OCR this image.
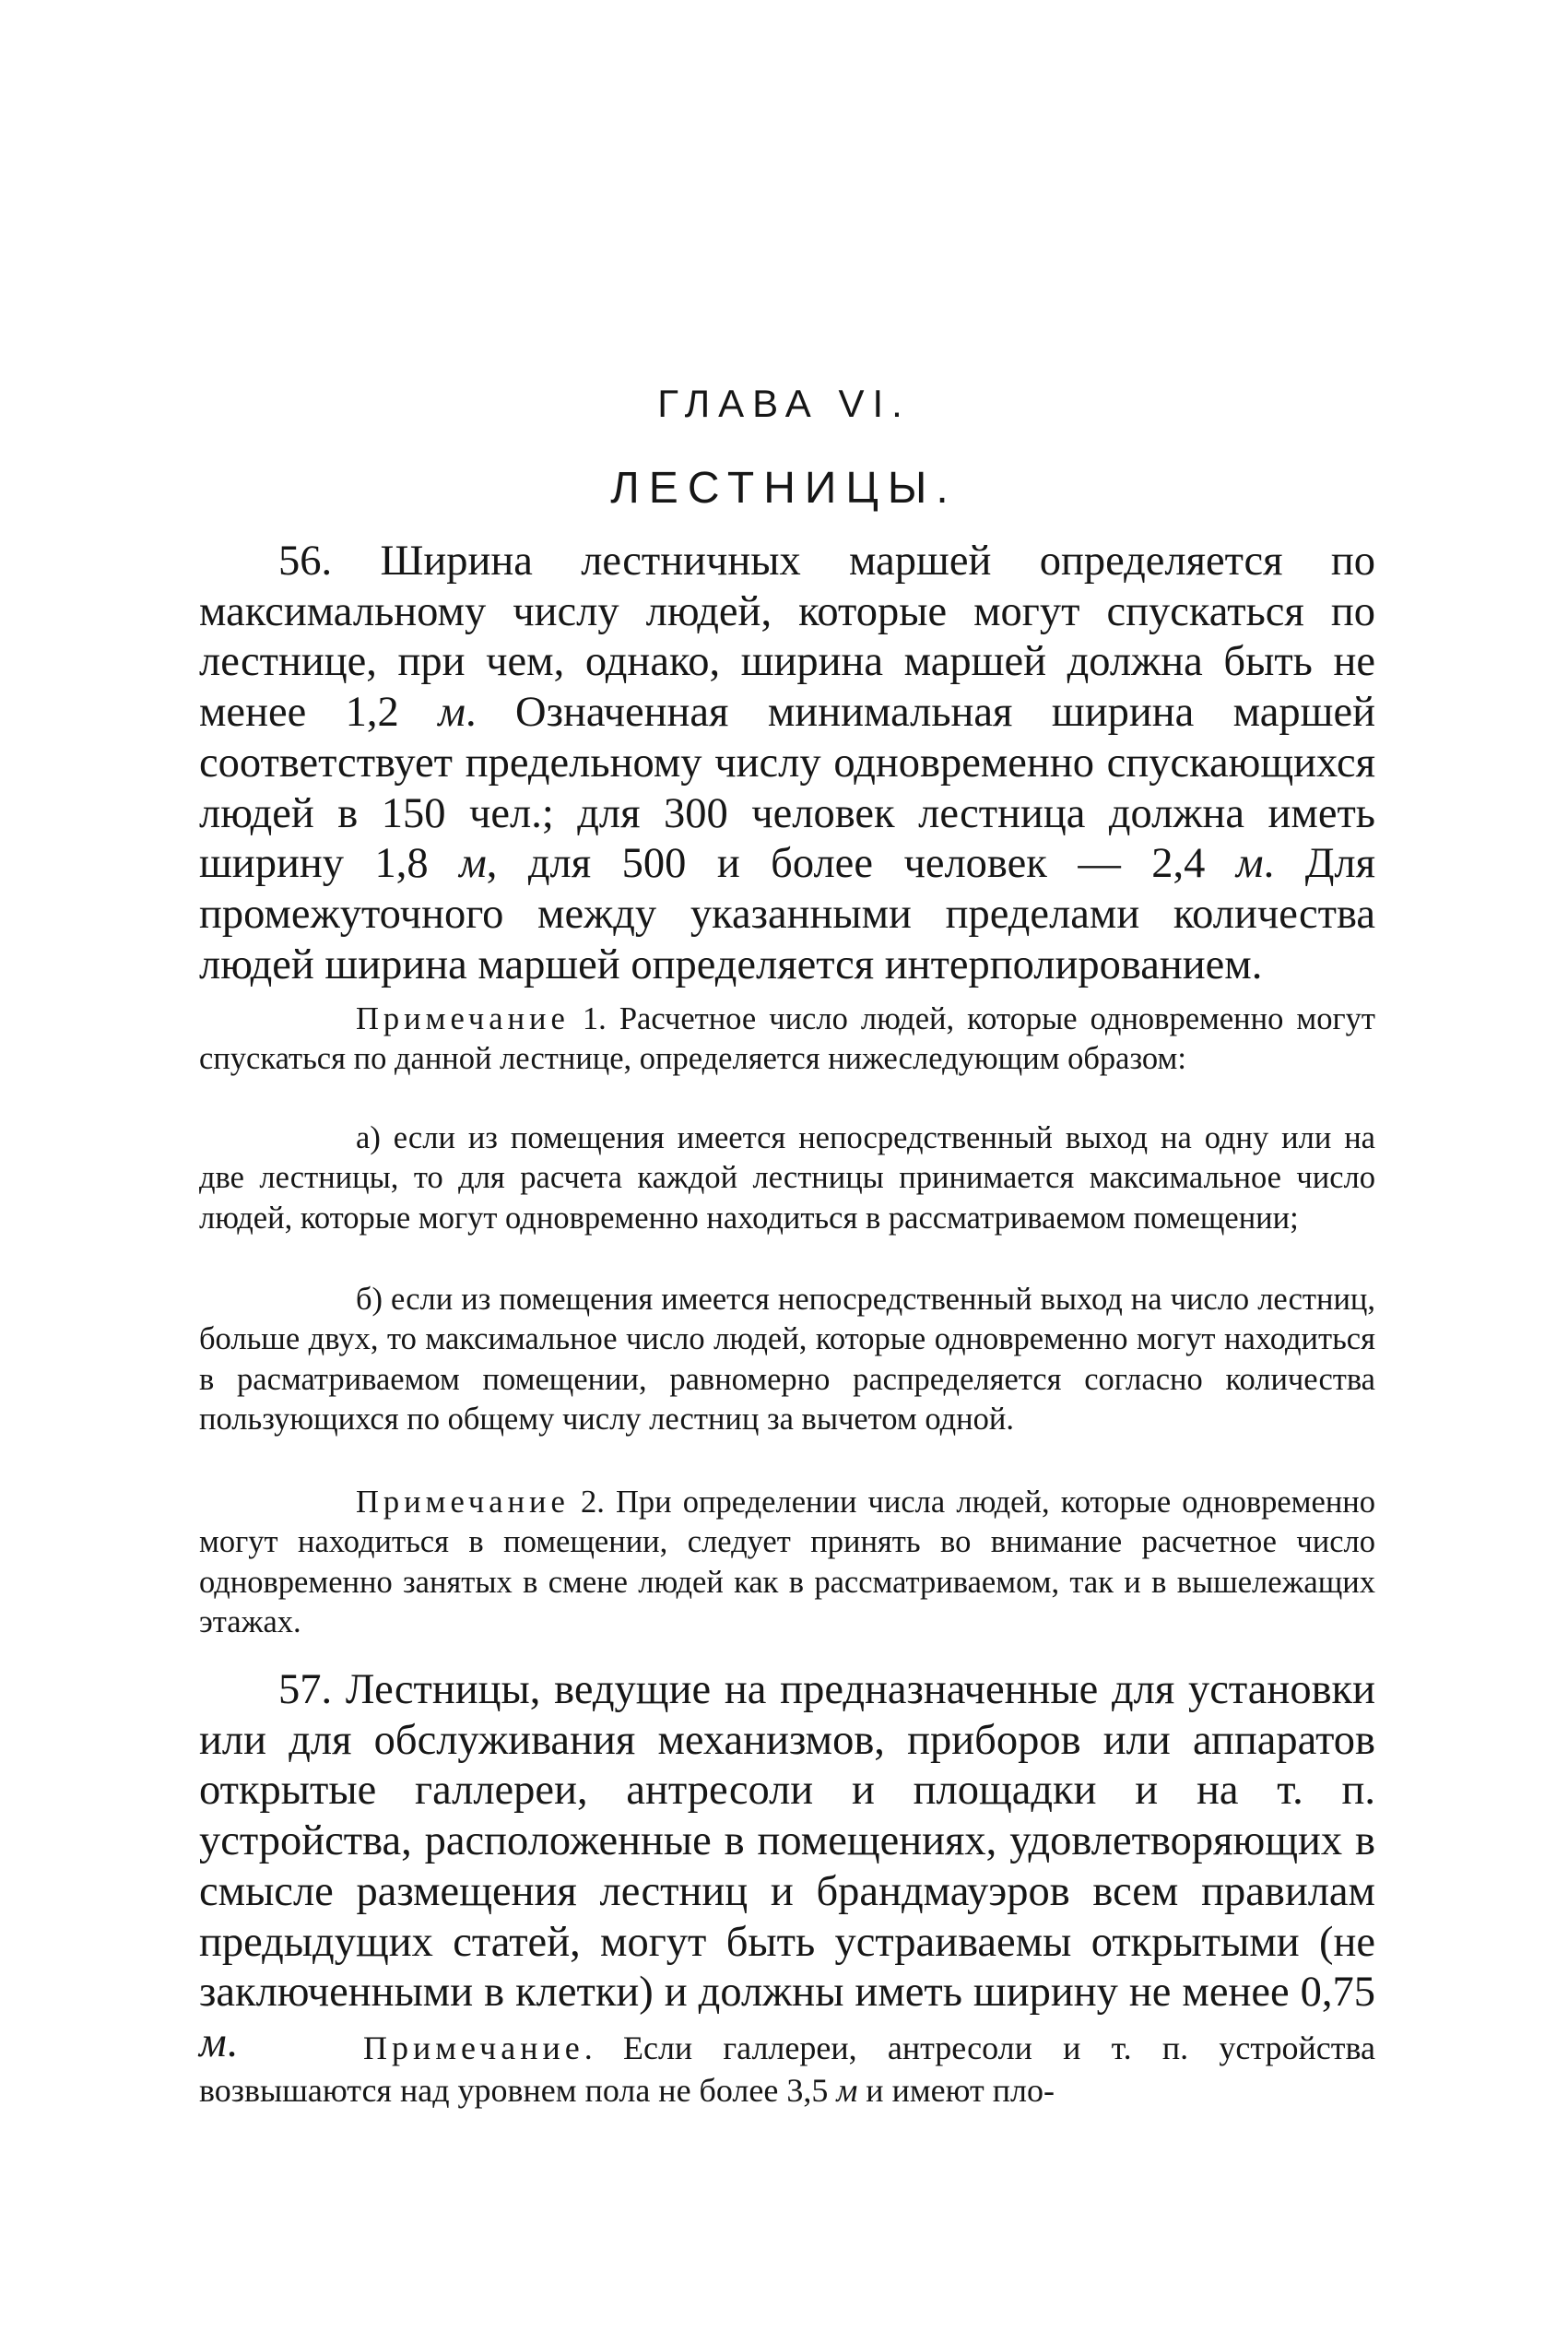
ГЛАВА VI.
ЛЕСТНИЦЫ.
56. Ширина лестничных маршей определяется по максимальному числу людей, которые могут спускаться по лестнице, при чем, однако, ширина маршей должна быть не менее 1,2 м. Означенная минимальная ширина маршей соответствует предельному числу одновременно спускающихся людей в 150 чел.; для 300 человек лестница должна иметь ширину 1,8 м, для 500 и более человек — 2,4 м. Для промежуточного между указанными пределами количества людей ширина маршей определяется интерполированием.
Примечание 1. Расчетное число людей, которые одновременно могут спускаться по данной лестнице, определяется нижеследующим образом:
а) если из помещения имеется непосредственный выход на одну или на две лестницы, то для расчета каждой лестницы принимается максимальное число людей, которые могут одновременно находиться в рассматриваемом помещении;
б) если из помещения имеется непосредственный выход на число лестниц, больше двух, то максимальное число людей, которые одновременно могут находиться в расматриваемом помещении, равномерно распределяется согласно количества пользующихся по общему числу лестниц за вычетом одной.
Примечание 2. При определении числа людей, которые одновременно могут находиться в помещении, следует принять во внимание расчетное число одновременно занятых в смене людей как в рассматриваемом, так и в вышележащих этажах.
57. Лестницы, ведущие на предназначенные для установки или для обслуживания механизмов, приборов или аппаратов открытые галлереи, антресоли и площадки и на т. п. устройства, расположенные в помещениях, удовлетворяющих в смысле размещения лестниц и брандмауэров всем правилам предыдущих статей, могут быть устраиваемы открытыми (не заключенными в клетки) и должны иметь ширину не менее 0,75 м.	Примечание. Если галлереи, антресоли и т. п. устройства возвышаются над уровнем пола не более 3,5 м и имеют пло-
